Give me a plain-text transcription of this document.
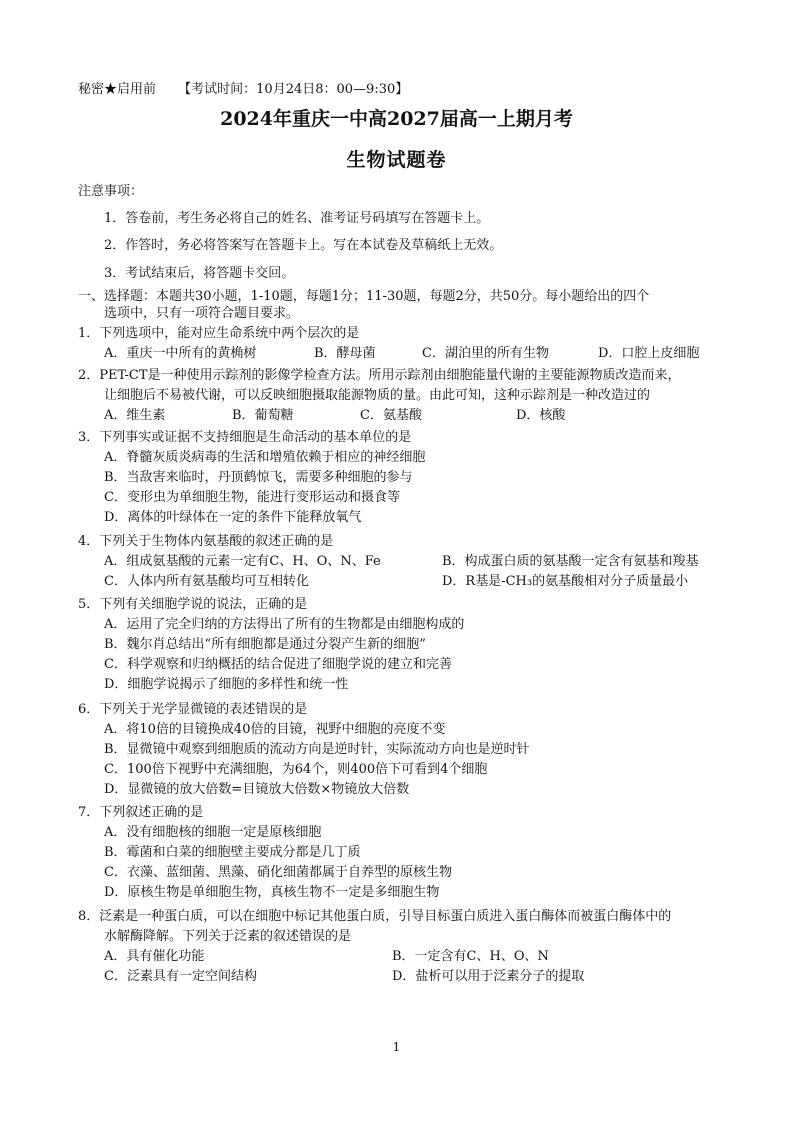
秘密★启用前 【考试时间：10月24日8：00—9:30】
2024年重庆一中高2027届高一上期月考
生物试题卷
注意事项：
1．答卷前，考生务必将自己的姓名、准考证号码填写在答题卡上。
2．作答时，务必将答案写在答题卡上。写在本试卷及草稿纸上无效。
3．考试结束后，将答题卡交回。
一、选择题：本题共30小题，1-10题，每题1分；11-30题，每题2分，共50分。每小题给出的四个
选项中，只有一项符合题目要求。
1．下列选项中，能对应生命系统中两个层次的是
A．重庆一中所有的黄桷树	B．酵母菌	C．湖泊里的所有生物	D．口腔上皮细胞
2．PET-CT是一种使用示踪剂的影像学检查方法。所用示踪剂由细胞能量代谢的主要能源物质改造而来，
让细胞后不易被代谢，可以反映细胞摄取能源物质的量。由此可知，这种示踪剂是一种改造过的
A．维生素	B．葡萄糖	C．氨基酸	D．核酸
3．下列事实或证据不支持细胞是生命活动的基本单位的是
A．脊髓灰质炎病毒的生活和增殖依赖于相应的神经细胞
B．当敌害来临时，丹顶鹤惊飞，需要多种细胞的参与
C．变形虫为单细胞生物，能进行变形运动和摄食等
D．离体的叶绿体在一定的条件下能释放氧气
4．下列关于生物体内氨基酸的叙述正确的是
A．组成氨基酸的元素一定有C、H、O、N、Fe	B．构成蛋白质的氨基酸一定含有氨基和羧基
C．人体内所有氨基酸均可互相转化	D．R基是-CH₃的氨基酸相对分子质量最小
5．下列有关细胞学说的说法，正确的是
A．运用了完全归纳的方法得出了所有的生物都是由细胞构成的
B．魏尔肖总结出“所有细胞都是通过分裂产生新的细胞”
C．科学观察和归纳概括的结合促进了细胞学说的建立和完善
D．细胞学说揭示了细胞的多样性和统一性
6．下列关于光学显微镜的表述错误的是
A．将10倍的目镜换成40倍的目镜，视野中细胞的亮度不变
B．显微镜中观察到细胞质的流动方向是逆时针，实际流动方向也是逆时针
C．100倍下视野中充满细胞，为64个，则400倍下可看到4个细胞
D．显微镜的放大倍数=目镜放大倍数×物镜放大倍数
7．下列叙述正确的是
A．没有细胞核的细胞一定是原核细胞
B．霉菌和白菜的细胞壁主要成分都是几丁质
C．衣藻、蓝细菌、黑藻、硝化细菌都属于自养型的原核生物
D．原核生物是单细胞生物，真核生物不一定是多细胞生物
8．泛素是一种蛋白质，可以在细胞中标记其他蛋白质，引导目标蛋白质进入蛋白酶体而被蛋白酶体中的
水解酶降解。下列关于泛素的叙述错误的是
A．具有催化功能	B．一定含有C、H、O、N
C．泛素具有一定空间结构	D．盐析可以用于泛素分子的提取
1
